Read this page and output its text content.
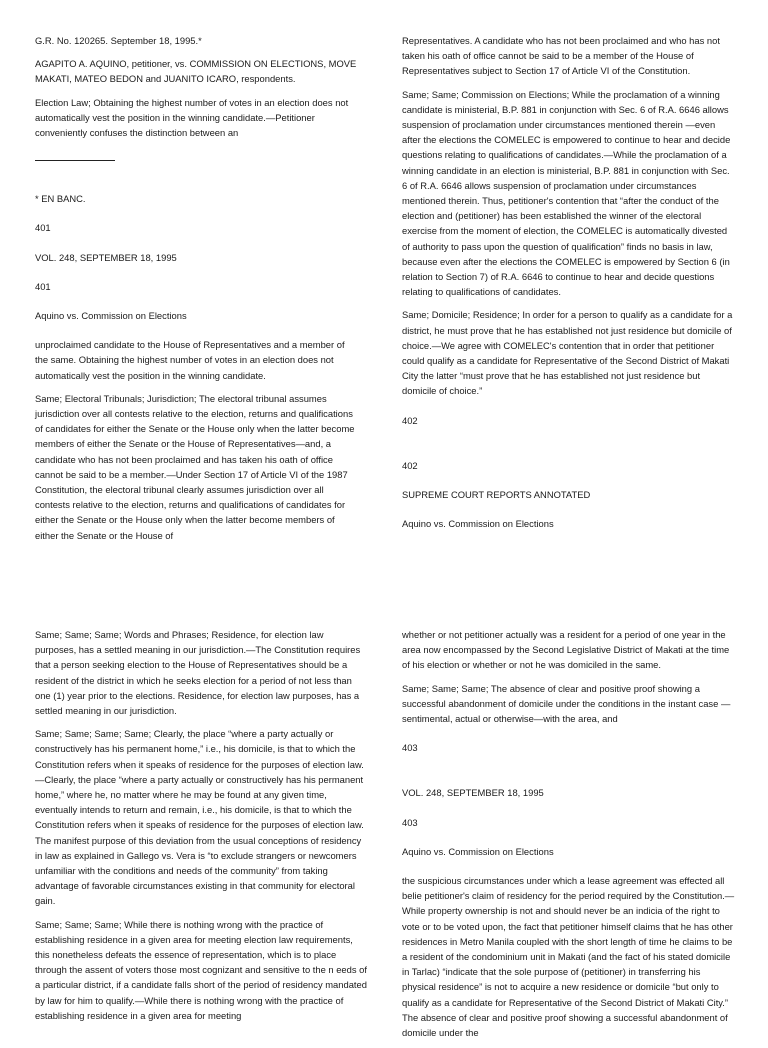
G.R. No. 120265. September 18, 1995.*

AGAPITO A. AQUINO, petitioner, vs. COMMISSION ON ELECTIONS, MOVE MAKATI, MATEO BEDON and JUANITO ICARO, respondents.

Election Law; Obtaining the highest number of votes in an election does not automatically vest the position in the winning candidate.—Petitioner conveniently confuses the distinction between an

* EN BANC.

401

VOL. 248, SEPTEMBER 18, 1995

401

Aquino vs. Commission on Elections

unproclaimed candidate to the House of Representatives and a member of the same. Obtaining the highest number of votes in an election does not automatically vest the position in the winning candidate.

Same; Electoral Tribunals; Jurisdiction; The electoral tribunal assumes jurisdiction over all contests relative to the election, returns and qualifications of candidates for either the Senate or the House only when the latter become members of either the Senate or the House of Representatives—and, a candidate who has not been proclaimed and has taken his oath of office cannot be said to be a member.—Under Section 17 of Article VI of the 1987 Constitution, the electoral tribunal clearly assumes jurisdiction over all contests relative to the election, returns and qualifications of candidates for either the Senate or the House only when the latter become members of either the Senate or the House of

Representatives. A candidate who has not been proclaimed and who has not taken his oath of office cannot be said to be a member of the House of Representatives subject to Section 17 of Article VI of the Constitution.

Same; Same; Commission on Elections; While the proclamation of a winning candidate is ministerial, B.P. 881 in conjunction with Sec. 6 of R.A. 6646 allows suspension of proclamation under circumstances mentioned therein —even after the elections the COMELEC is empowered to continue to hear and decide questions relating to qualifications of candidates.—While the proclamation of a winning candidate in an election is ministerial, B.P. 881 in conjunction with Sec. 6 of R.A. 6646 allows suspension of proclamation under circumstances mentioned therein. Thus, petitioner's contention that “after the conduct of the election and (petitioner) has been established the winner of the electoral exercise from the moment of election, the COMELEC is automatically divested of authority to pass upon the question of qualification” finds no basis in law, because even after the elections the COMELEC is empowered by Section 6 (in relation to Section 7) of R.A. 6646 to continue to hear and decide questions relating to qualifications of candidates.

Same; Domicile; Residence; In order for a person to qualify as a candidate for a district, he must prove that he has established not just residence but domicile of choice.—We agree with COMELEC's contention that in order that petitioner could qualify as a candidate for Representative of the Second District of Makati City the latter “must prove that he has established not just residence but domicile of choice.”

402

402

SUPREME COURT REPORTS ANNOTATED

Aquino vs. Commission on Elections

Same; Same; Same; Words and Phrases; Residence, for election law purposes, has a settled meaning in our jurisdiction.—The Constitution requires that a person seeking election to the House of Representatives should be a resident of the district in which he seeks election for a period of not less than one (1) year prior to the elections. Residence, for election law purposes, has a settled meaning in our jurisdiction.

Same; Same; Same; Same; Clearly, the place “where a party actually or constructively has his permanent home,” i.e., his domicile, is that to which the Constitution refers when it speaks of residence for the purposes of election law.—Clearly, the place “where a party actually or constructively has his permanent home,” where he, no matter where he may be found at any given time, eventually intends to return and remain, i.e., his domicile, is that to which the Constitution refers when it speaks of residence for the purposes of election law. The manifest purpose of this deviation from the usual conceptions of residency in law as explained in Gallego vs. Vera is “to exclude strangers or newcomers unfamiliar with the conditions and needs of the community” from taking advantage of favorable circumstances existing in that community for electoral gain.

Same; Same; Same; While there is nothing wrong with the practice of establishing residence in a given area for meeting election law requirements, this nonetheless defeats the essence of representation, which is to place through the assent of voters those most cognizant and sensitive to the n eeds of a particular district, if a candidate falls short of the period of residency mandated by law for him to qualify.—While there is nothing wrong with the practice of establishing residence in a given area for meeting

whether or not petitioner actually was a resident for a period of one year in the area now encompassed by the Second Legislative District of Makati at the time of his election or whether or not he was domiciled in the same.

Same; Same; Same; The absence of clear and positive proof showing a successful abandonment of domicile under the conditions in the instant case —sentimental, actual or otherwise—with the area, and

403

VOL. 248, SEPTEMBER 18, 1995

403

Aquino vs. Commission on Elections

the suspicious circumstances under which a lease agreement was effected all belie petitioner's claim of residency for the period required by the Constitution.—While property ownership is not and should never be an indicia of the right to vote or to be voted upon, the fact that petitioner himself claims that he has other residences in Metro Manila coupled with the short length of time he claims to be a resident of the condominium unit in Makati (and the fact of his stated domicile in Tarlac) “indicate that the sole purpose of (petitioner) in transferring his physical residence” is not to acquire a new residence or domicile “but only to qualify as a candidate for Representative of the Second District of Makati City.” The absence of clear and positive proof showing a successful abandonment of domicile under the
